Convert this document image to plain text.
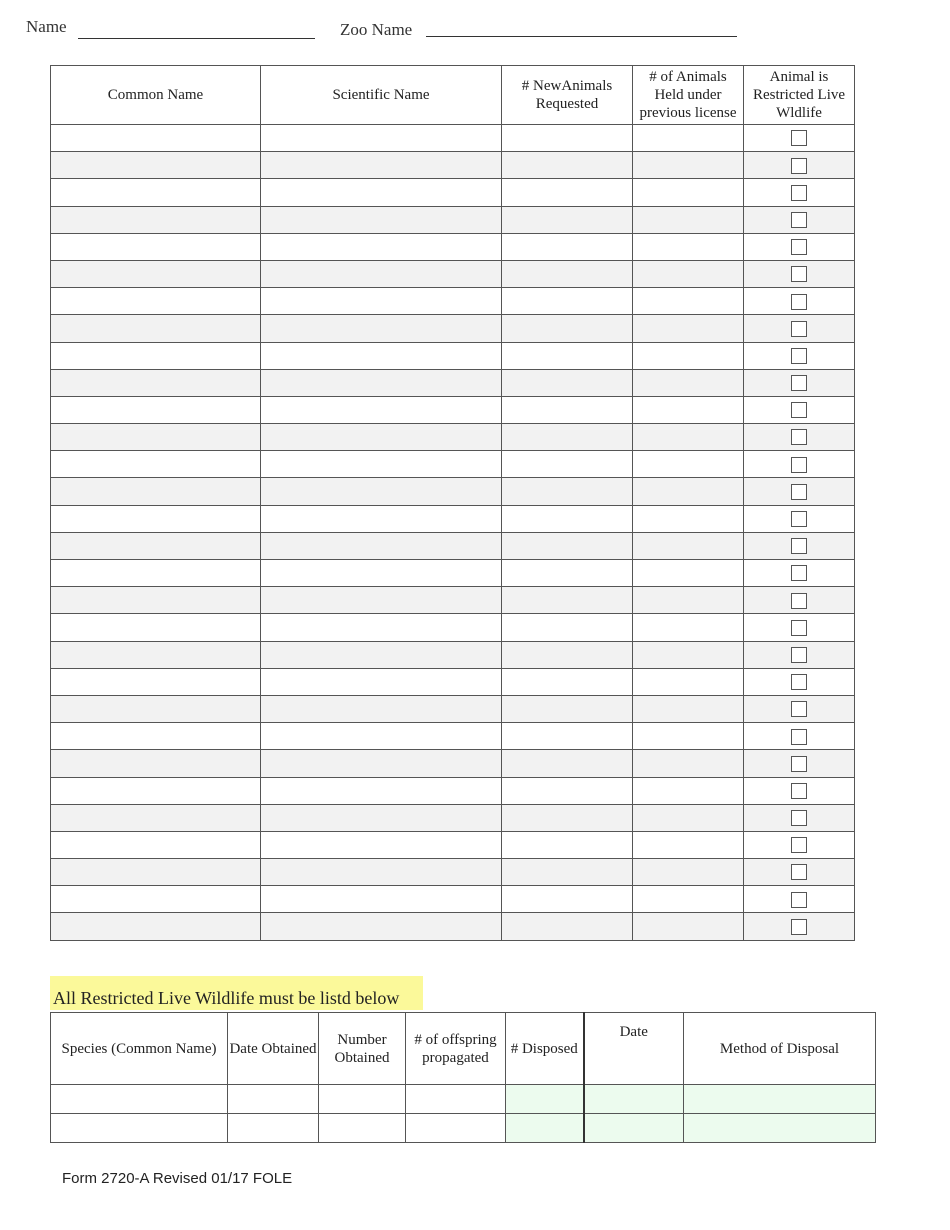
Name	Zoo Name
Common Name	Scientific Name	# NewAnimals Requested	# of Animals Held under previous license	Animal is Restricted Live Wldlife

All Restricted Live Wildlife must be listd below
Species (Common Name)	Date Obtained	Number Obtained	# of offspring propagated	# Disposed	Date	Method of Disposal

Form 2720-A Revised 01/17 FOLE
